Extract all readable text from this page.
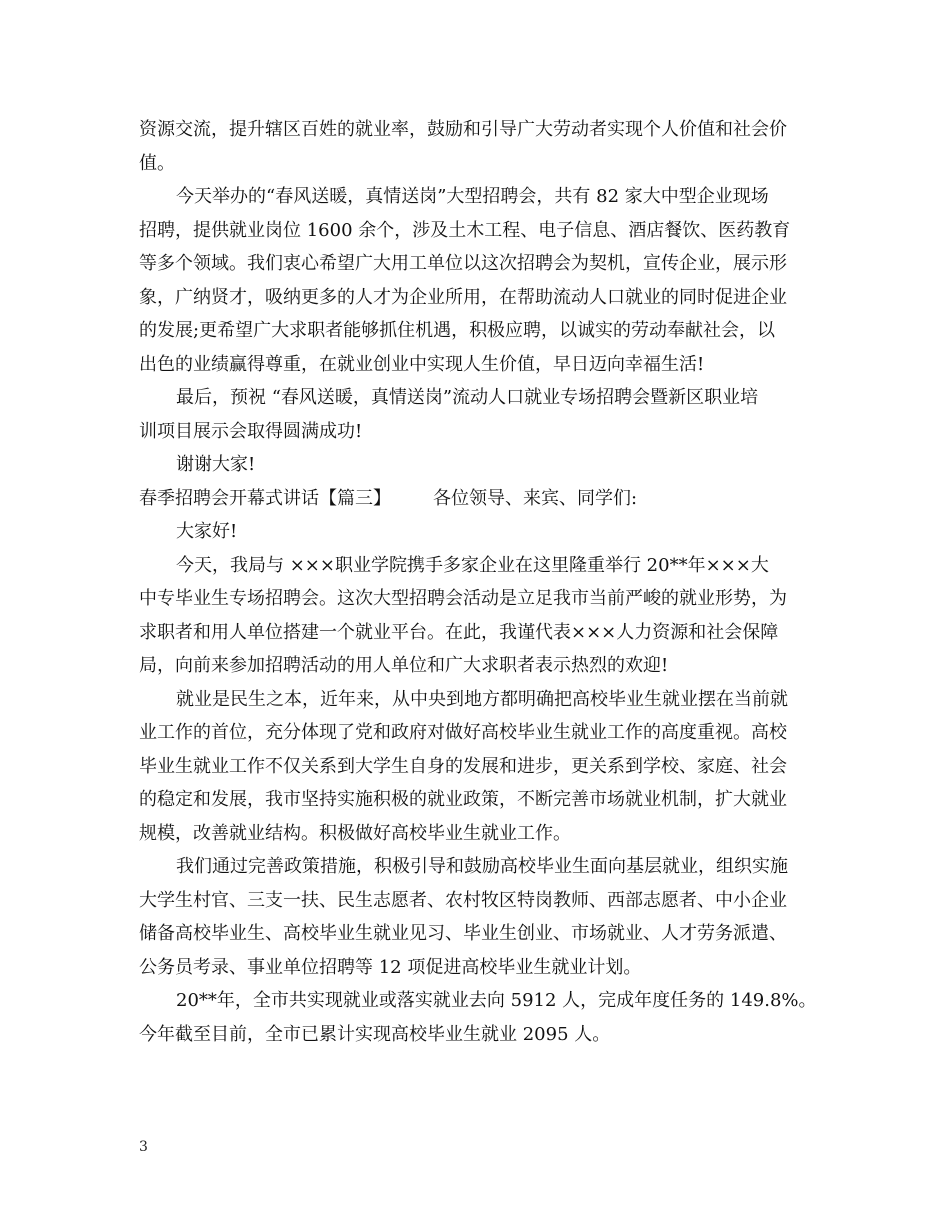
资源交流，提升辖区百姓的就业率，鼓励和引导广大劳动者实现个人价值和社会价
值。
今天举办的“春风送暖，真情送岗”大型招聘会，共有 82 家大中型企业现场
招聘，提供就业岗位 1600 余个，涉及土木工程、电子信息、酒店餐饮、医药教育
等多个领域。我们衷心希望广大用工单位以这次招聘会为契机，宣传企业，展示形
象，广纳贤才，吸纳更多的人才为企业所用，在帮助流动人口就业的同时促进企业
的发展;更希望广大求职者能够抓住机遇，积极应聘，以诚实的劳动奉献社会，以
出色的业绩赢得尊重，在就业创业中实现人生价值，早日迈向幸福生活!
最后，预祝 “春风送暖，真情送岗”流动人口就业专场招聘会暨新区职业培
训项目展示会取得圆满成功!
谢谢大家!
春季招聘会开幕式讲话【篇三】 各位领导、来宾、同学们:
大家好!
今天，我局与 ×××职业学院携手多家企业在这里隆重举行 20**年×××大
中专毕业生专场招聘会。这次大型招聘会活动是立足我市当前严峻的就业形势，为
求职者和用人单位搭建一个就业平台。在此，我谨代表×××人力资源和社会保障
局，向前来参加招聘活动的用人单位和广大求职者表示热烈的欢迎!
就业是民生之本，近年来，从中央到地方都明确把高校毕业生就业摆在当前就
业工作的首位，充分体现了党和政府对做好高校毕业生就业工作的高度重视。高校
毕业生就业工作不仅关系到大学生自身的发展和进步，更关系到学校、家庭、社会
的稳定和发展，我市坚持实施积极的就业政策，不断完善市场就业机制，扩大就业
规模，改善就业结构。积极做好高校毕业生就业工作。
我们通过完善政策措施，积极引导和鼓励高校毕业生面向基层就业，组织实施
大学生村官、三支一扶、民生志愿者、农村牧区特岗教师、西部志愿者、中小企业
储备高校毕业生、高校毕业生就业见习、毕业生创业、市场就业、人才劳务派遣、
公务员考录、事业单位招聘等 12 项促进高校毕业生就业计划。
20**年，全市共实现就业或落实就业去向 5912 人，完成年度任务的 149.8%。
今年截至目前，全市已累计实现高校毕业生就业 2095 人。
3
